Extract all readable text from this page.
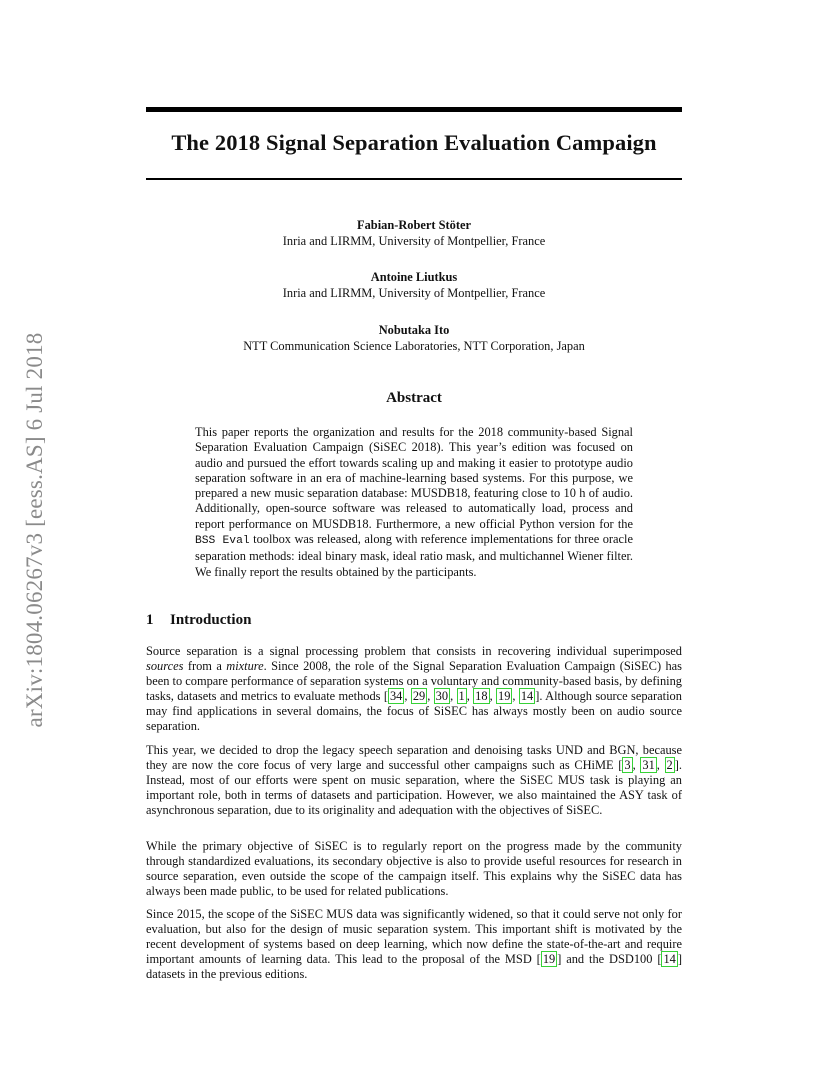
arXiv:1804.06267v3 [eess.AS] 6 Jul 2018
The 2018 Signal Separation Evaluation Campaign
Fabian-Robert Stöter
Inria and LIRMM, University of Montpellier, France
Antoine Liutkus
Inria and LIRMM, University of Montpellier, France
Nobutaka Ito
NTT Communication Science Laboratories, NTT Corporation, Japan
Abstract

This paper reports the organization and results for the 2018 community-based Signal Separation Evaluation Campaign (SiSEC 2018). This year’s edition was focused on audio and pursued the effort towards scaling up and making it easier to prototype audio separation software in an era of machine-learning based systems. For this purpose, we prepared a new music separation database: MUSDB18, featuring close to 10 h of audio. Additionally, open-source software was released to automatically load, process and report performance on MUSDB18. Furthermore, a new official Python version for the BSS Eval toolbox was released, along with reference implementations for three oracle separation methods: ideal binary mask, ideal ratio mask, and multichannel Wiener filter. We finally report the results obtained by the participants.

1 Introduction

Source separation is a signal processing problem that consists in recovering individual superimposed sources from a mixture. Since 2008, the role of the Signal Separation Evaluation Campaign (SiSEC) has been to compare performance of separation systems on a voluntary and community-based basis, by defining tasks, datasets and metrics to evaluate methods [ 34 , 29 , 30 , 1 , 18 , 19 , 14 ]. Although source separation may find applications in several domains, the focus of SiSEC has always mostly been on audio source separation.

This year, we decided to drop the legacy speech separation and denoising tasks UND and BGN, because they are now the core focus of very large and successful other campaigns such as CHiME [ 3 , 31 , 2 ]. Instead, most of our efforts were spent on music separation, where the SiSEC MUS task is playing an important role, both in terms of datasets and participation. However, we also maintained the ASY task of asynchronous separation, due to its originality and adequation with the objectives of SiSEC.

While the primary objective of SiSEC is to regularly report on the progress made by the community through standardized evaluations, its secondary objective is also to provide useful resources for research in source separation, even outside the scope of the campaign itself. This explains why the SiSEC data has always been made public, to be used for related publications.

Since 2015, the scope of the SiSEC MUS data was significantly widened, so that it could serve not only for evaluation, but also for the design of music separation system. This important shift is motivated by the recent development of systems based on deep learning, which now define the state-of-the-art and require important amounts of learning data. This lead to the proposal of the MSD [ 19 ] and the DSD100 [ 14 ] datasets in the previous editions.
